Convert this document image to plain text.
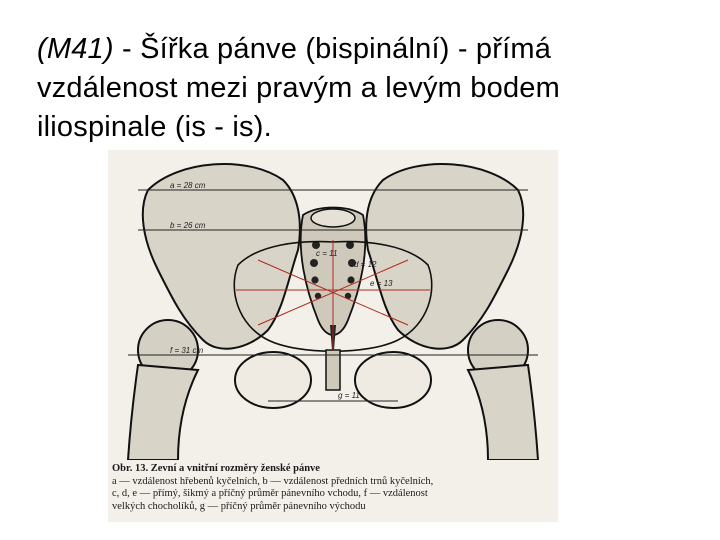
(M41) - Šířka pánve (bispinální) - přímá vzdálenost mezi pravým a levým bodem iliospinale (is - is).
a = 28 cm
b = 26 cm
c = 11
d = 12
e = 13
f = 31 cm
g = 11
Obr. 13. Zevní a vnitřní rozměry ženské pánve
a — vzdálenost hřebenů kyčelních, b — vzdálenost předních trnů kyčelních,
c, d, e — přímý, šikmý a příčný průměr pánevního vchodu, f — vzdálenost
velkých chocholíků, g — příčný průměr pánevního východu
